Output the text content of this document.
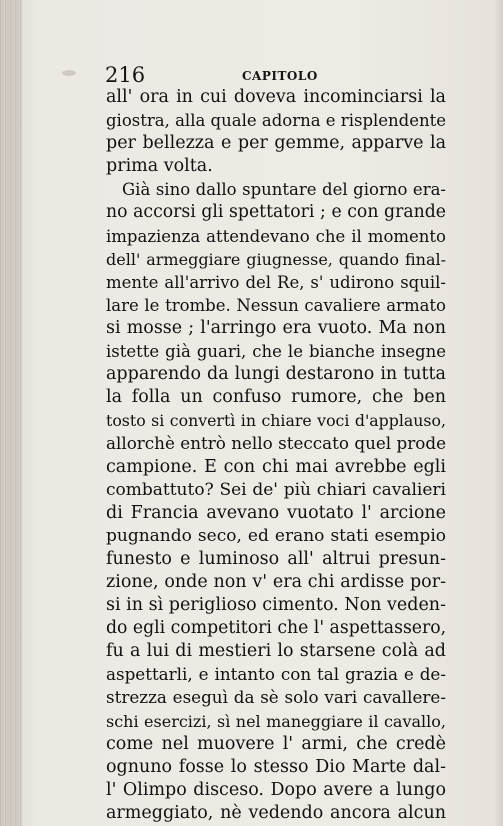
216	CAPITOLO
all' ora in cui doveva incominciarsi la
giostra, alla quale adorna e risplendente
per bellezza e per gemme, apparve la
prima volta.
Già sino dallo spuntare del giorno era-
no accorsi gli spettatori ; e con grande
impazienza attendevano che il momento
dell' armeggiare giugnesse, quando final-
mente all'arrivo del Re, s' udirono squil-
lare le trombe. Nessun cavaliere armato
si mosse ; l'arringo era vuoto. Ma non
istette già guari, che le bianche insegne
apparendo da lungi destarono in tutta
la folla un confuso rumore, che ben
tosto si convertì in chiare voci d'applauso,
allorchè entrò nello steccato quel prode
campione. E con chi mai avrebbe egli
combattuto? Sei de' più chiari cavalieri
di Francia avevano vuotato l' arcione
pugnando seco, ed erano stati esempio
funesto e luminoso all' altrui presun-
zione, onde non v' era chi ardisse por-
si in sì periglioso cimento. Non veden-
do egli competitori che l' aspettassero,
fu a lui di mestieri lo starsene colà ad
aspettarli, e intanto con tal grazia e de-
strezza eseguì da sè solo vari cavallere-
schi esercizi, sì nel maneggiare il cavallo,
come nel muovere l' armi, che credè
ognuno fosse lo stesso Dio Marte dal-
l' Olimpo disceso. Dopo avere a lungo
armeggiato, nè vedendo ancora alcun
